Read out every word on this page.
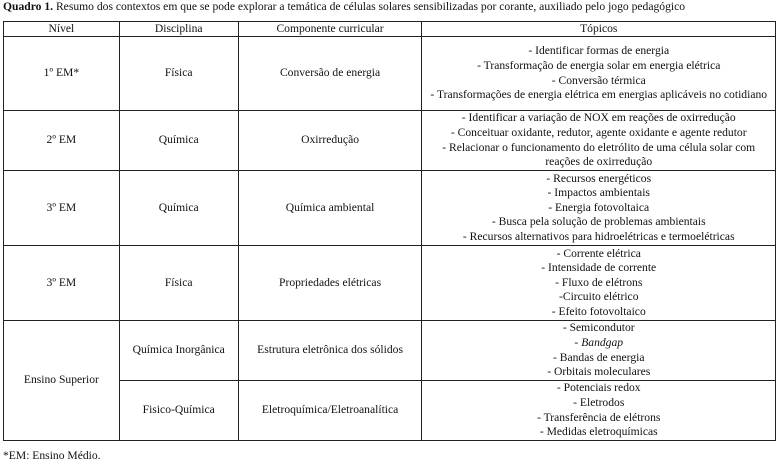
Quadro 1. Resumo dos contextos em que se pode explorar a temática de células solares sensibilizadas por corante, auxiliado pelo jogo pedagógico
Nível	Disciplina	Componente curricular	Tópicos
1º EM*	Física	Conversão de energia	- Identificar formas de energia
- Transformação de energia solar em energia elétrica
- Conversão térmica
- Transformações de energia elétrica em energias aplicáveis no cotidiano

2º EM	Química	Oxirredução	- Identificar a variação de NOX em reações de oxirredução
- Conceituar oxidante, redutor, agente oxidante e agente redutor
- Relacionar o funcionamento do eletrólito de uma célula solar com reações de oxirredução

3º EM	Química	Química ambiental	- Recursos energéticos
- Impactos ambientais
- Energia fotovoltaica
- Busca pela solução de problemas ambientais
- Recursos alternativos para hidroelétricas e termoelétricas

3º EM	Física	Propriedades elétricas	- Corrente elétrica
- Intensidade de corrente
- Fluxo de elétrons
-Circuito elétrico
- Efeito fotovoltaico

Ensino Superior	Química Inorgânica	Estrutura eletrônica dos sólidos	- Semicondutor
- Bandgap
- Bandas de energia
- Orbitais moleculares

	Fisico-Química	Eletroquímica/Eletroanalítica	- Potenciais redox
- Eletrodos
- Transferência de elétrons
- Medidas eletroquímicas
*EM: Ensino Médio.
